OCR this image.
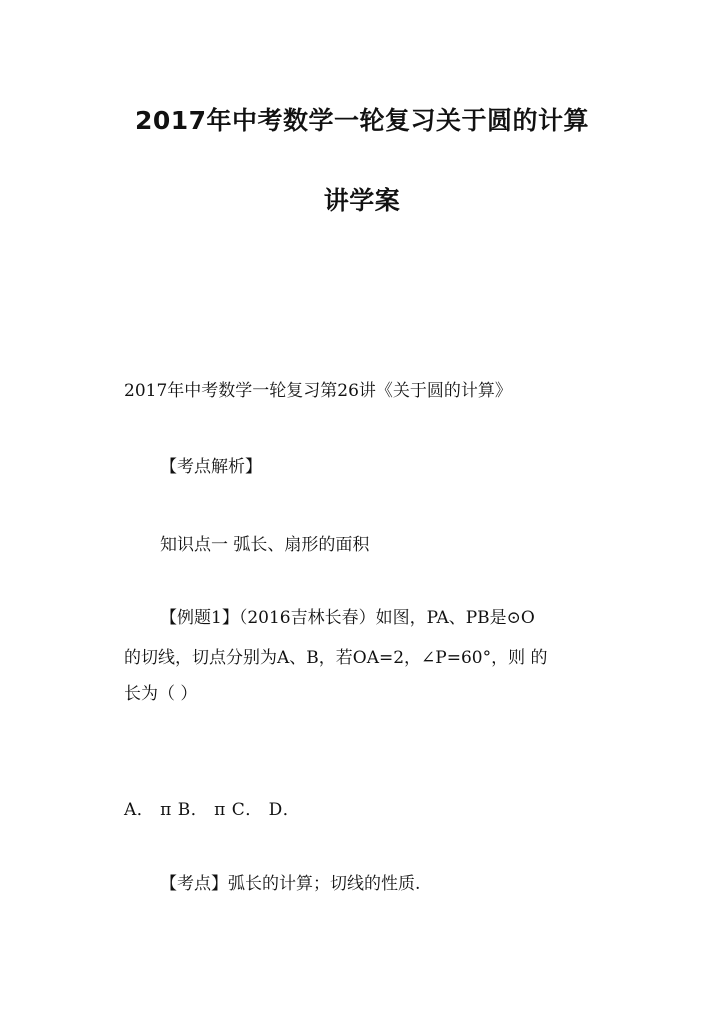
2017年中考数学一轮复习关于圆的计算
讲学案

2017年中考数学一轮复习第26讲《关于圆的计算》

【考点解析】

知识点一 弧长、扇形的面积

【例题1】（2016吉林长春）如图，PA、PB是⊙O

的切线，切点分别为A、B，若OA=2，∠P=60°，则 的

长为（ ）

A． π B． π C． D．

【考点】弧长的计算；切线的性质.
